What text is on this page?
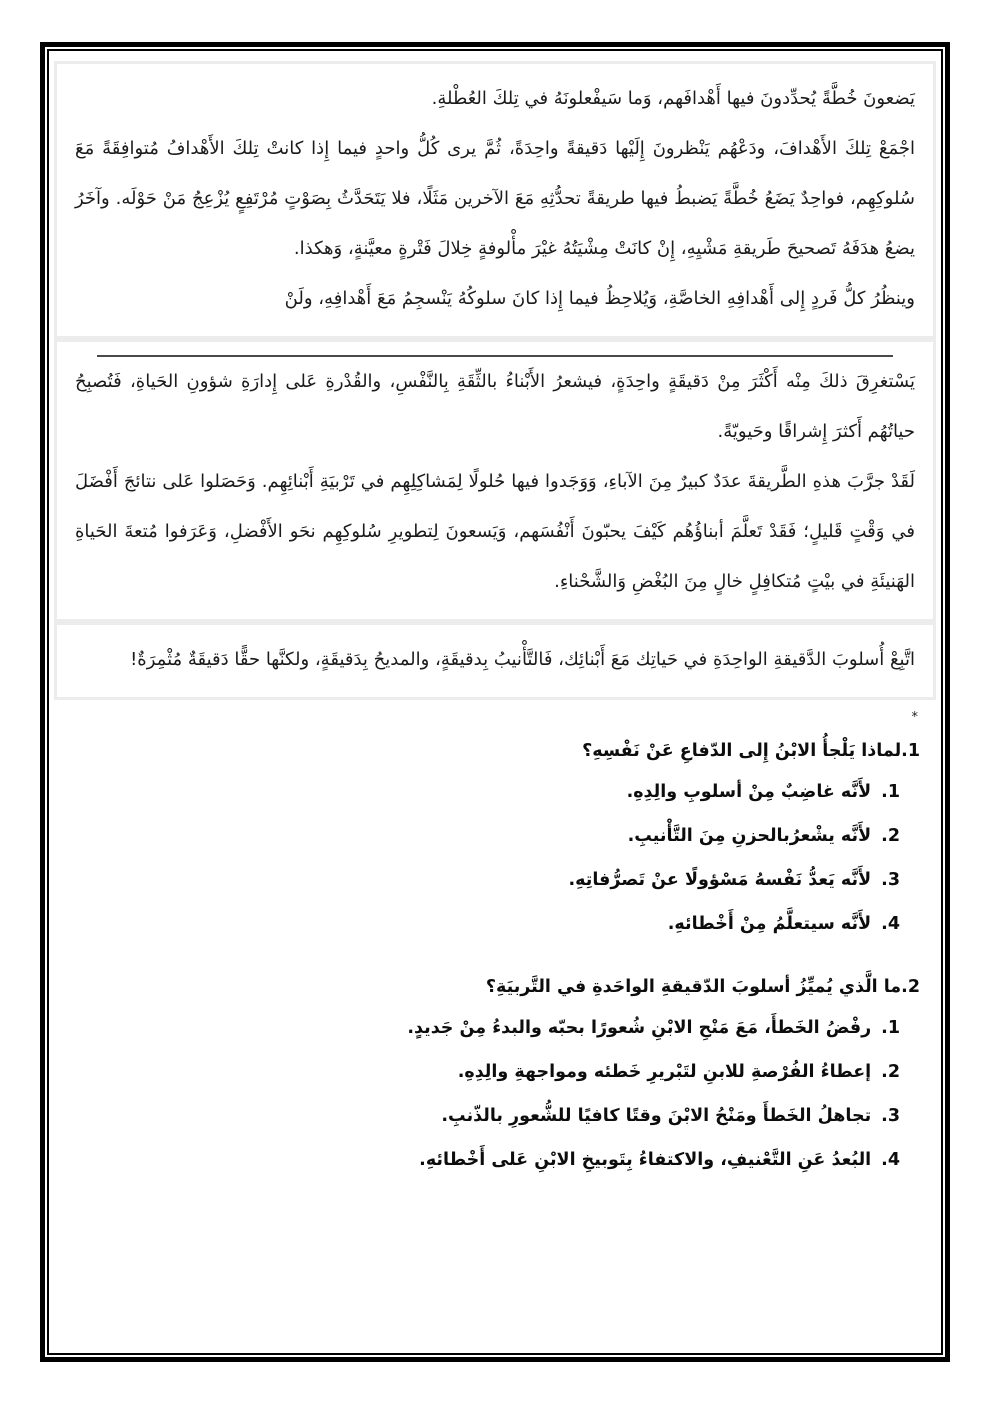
يَضعونَ خُطَّةً يُحدِّدونَ فيها أَهْدافَهم، وَما سَيفْعلونَهُ في تِلكَ العُطْلةِ.

اجْمَعْ تِلكَ الأَهْدافَ، ودَعْهُم يَنْظرونَ إِلَيْها دَقيقةً واحِدَةً، ثُمَّ يرى كُلُّ واحدٍ فيما إِذا كانتْ تِلكَ الأَهْدافُ مُتوافِقَةً مَعَ سُلوكِهِم، فواحِدٌ يَضَعُ خُطَّةً يَضبطُ فيها طريقةً تحدُّثِهِ مَعَ الآخرين مَثَلًا، فلا يَتَحَدَّثُ بِصَوْتٍ مُرْتَفِعٍ يُزْعِجُ مَنْ حَوْلَه. وآخَرُ يضعُ هدَفَهُ تَصحيحَ طَريقةِ مَشْيِهِ، إِنْ كانَتْ مِشْيَتُهُ غيْرَ مأْلوفةٍ خِلالَ فَتْرةٍ معيَّنةٍ، وَهكذا.

وينظُرُ كلُّ فَردٍ إِلى أَهْدافِهِ الخاصَّةِ، وَيُلاحِظُ فيما إِذا كانَ سلوكُهُ يَنْسجِمُ مَعَ أَهْدافِهِ، ولَنْ

يَسْتغرِقَ ذلكَ مِنْه أَكْثَرَ مِنْ دَقيقَةٍ واحِدَةٍ، فيشعرُ الأَبْناءُ بالثِّقَةِ بِالنَّفْسِ، والقُدْرةِ عَلى إِدارَةِ شؤونِ الحَياةِ، فَتُصبِحُ حياتُهُم أَكثرَ إِشراقًا وحَيويّةً.

لَقَدْ جرَّبَ هذهِ الطَّريقةَ عدَدٌ كبيرٌ مِنَ الآباءِ، وَوَجَدوا فيها حُلولًا لِمَشاكِلِهِم في تَرْبيَةِ أَبْنائِهِم. وَحَصَلوا عَلى نتائجَ أَفْضَلَ في وَقْتٍ قَليلٍ؛ فَقَدْ تَعلَّمَ أبناؤُهُم كَيْفَ يحبّونَ أَنْفُسَهم، وَيَسعونَ لِتطويرِ سُلوكِهِم نحَو الأَفْضلِ، وَعَرَفوا مُتعةَ الحَياةِ الهَنيئَةِ في بيْتٍ مُتكافِلٍ خالٍ مِنَ البُغْضِ وَالشَّحْناءِ.

اتَّبِعْ أُسلوبَ الدَّقيقةِ الواحِدَةِ في حَياتِك مَعَ أَبْنائِك، فَالتَّأْنيبُ بِدقيقَةٍ، والمديحُ بِدَقيقَةٍ، ولكنَّها حقًّا دَقيقَةٌ مُثْمِرَةٌ!

*
1.لماذا يَلْجأُ الابْنُ إِلى الدّفاعِ عَنْ نَفْسِهِ؟
1.
لأَنَّه غاضِبٌ مِنْ أسلوبِ والِدِهِ.
2.
لأَنَّه يشْعرُبالحزنِ مِنَ التَّأْنيبِ.
3.
لأَنَّه يَعدُّ نَفْسهُ مَسْؤولًا عنْ تَصرُّفاتِهِ.
4.
لأَنَّه سيتعلَّمُ مِنْ أَخْطائهِ.
2.ما الَّذي يُميِّزُ أسلوبَ الدّقيقةِ الواحَدةِ في التَّربيَةِ؟
1.
رفْضُ الخَطأَ، مَعَ مَنْحِ الابْنِ شُعورًا بحبّه والبدءُ مِنْ جَديدٍ.
2.
إعطاءُ الفُرْصةِ للابنِ لتَبْريرِ خَطئه ومواجهةِ والِدِهِ.
3.
تجاهلُ الخَطأَ ومَنْحُ الابْنَ وقتًا كافيًا للشُّعورِ بالذّنبِ.
4.
البُعدُ عَنِ التَّعْنيفِ، والاكتفاءُ بِتَوبيخِ الابْنِ عَلى أَخْطائهِ.
